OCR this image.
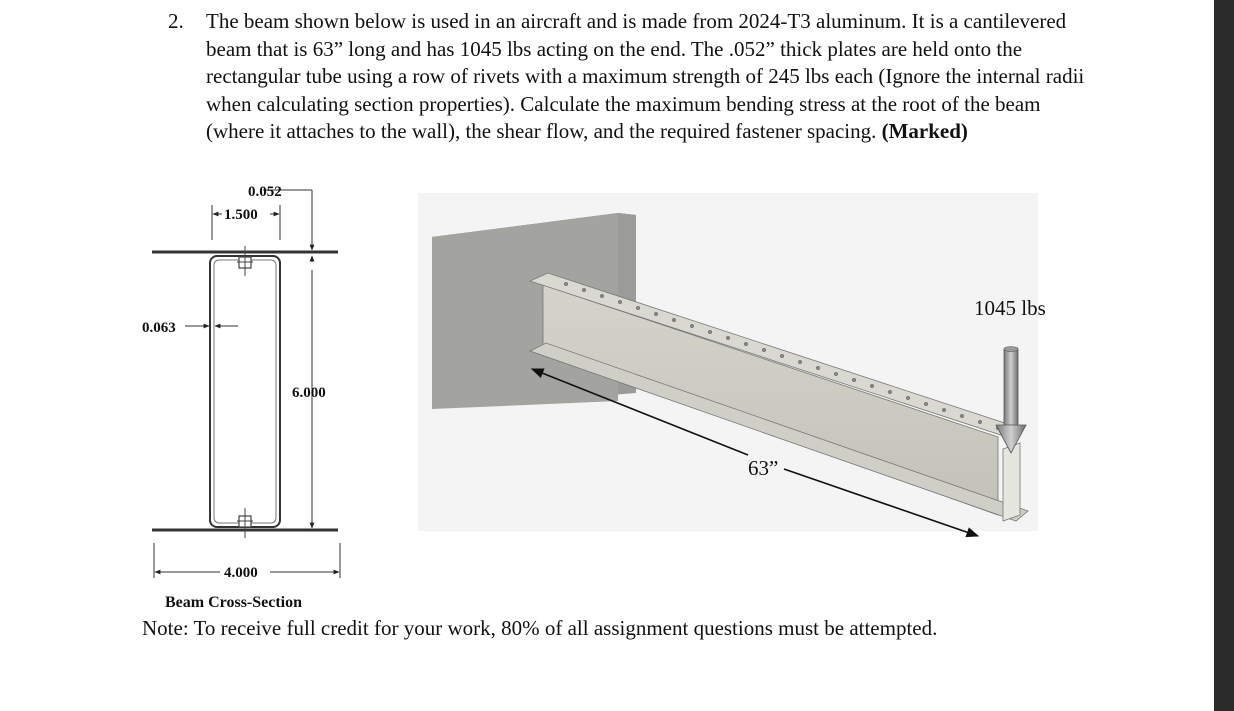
2. The beam shown below is used in an aircraft and is made from 2024-T3 aluminum. It is a cantilevered beam that is 63” long and has 1045 lbs acting on the end. The .052” thick plates are held onto the rectangular tube using a row of rivets with a maximum strength of 245 lbs each (Ignore the internal radii when calculating section properties). Calculate the maximum bending stress at the root of the beam (where it attaches to the wall), the shear flow, and the required fastener spacing. (Marked)
0.052
1.500
0.063
6.000
4.000
Beam Cross-Section
1045 lbs
63”
Note: To receive full credit for your work, 80% of all assignment questions must be attempted.
